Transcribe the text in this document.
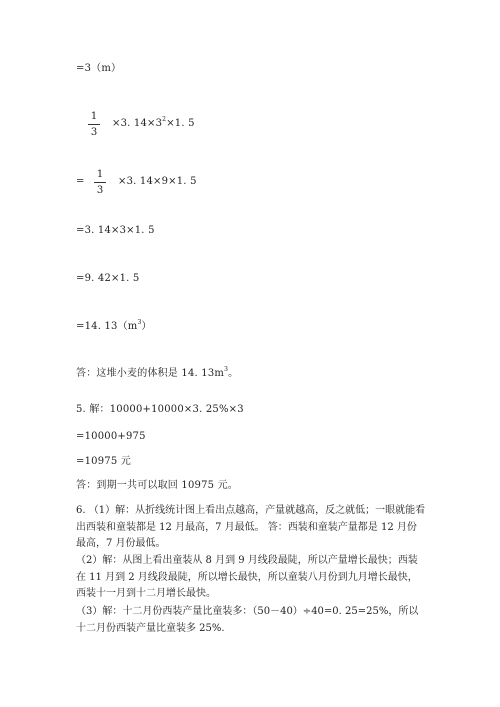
=3（m）
1
3
×3. $14\times 3^2\times 1$. 5
=
1
3
×3. 14×9×1. 5
=3. 14×3×1. 5
=9. 42×1. 5
=14. $13(m^3)$
答：这堆小麦的体积是 14. $13m^3$。
5. 解：10000+10000×3. 25%×3
=10000+975
=10975 元
答：到期一共可以取回 10975 元。
6. （1）解：从折线统计图上看出点越高，产量就越高，反之就低；一眼就能看出西装和童装都是 12 月最高，7 月最低。 答：西装和童装产量都是 12 月份最高，7 月份最低。
（2）解：从图上看出童装从 8 月到 9 月线段最陡，所以产量增长最快；西装在 11 月到 2 月线段最陡，所以增长最快，所以童装八月份到九月增长最快，西装十一月到十二月增长最快。
（3）解：十二月份西装产量比童装多：（50－40）÷40=0. 25=25%，所以十二月份西装产量比童装多 25%.
